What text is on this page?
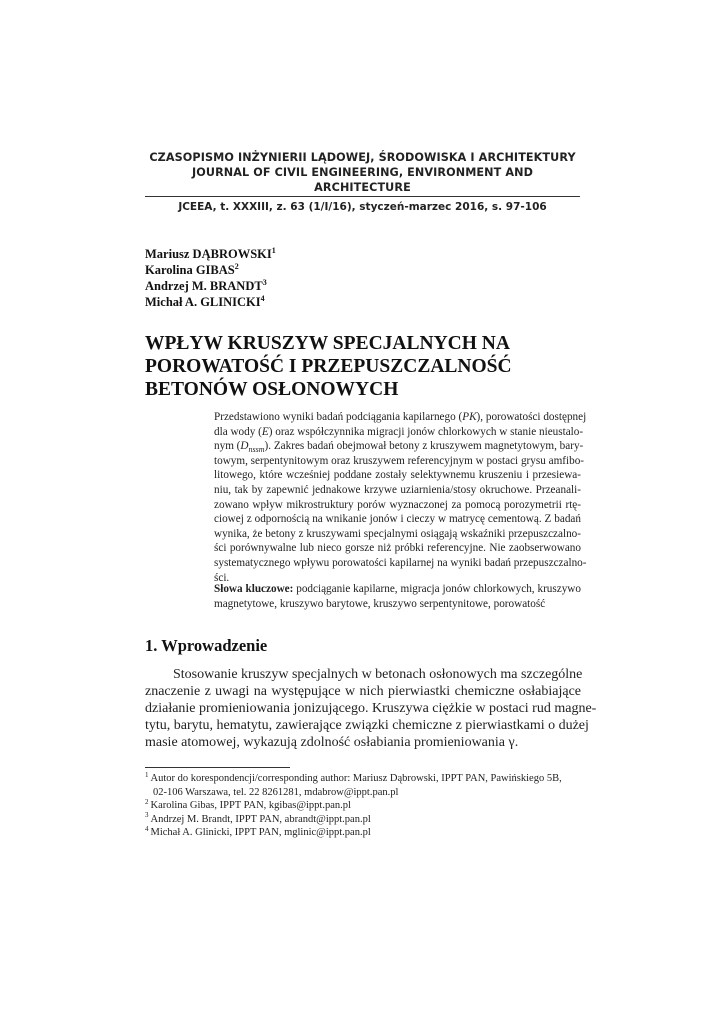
CZASOPISMO INŻYNIERII LĄDOWEJ, ŚRODOWISKA I ARCHITEKTURY
JOURNAL OF CIVIL ENGINEERING, ENVIRONMENT AND ARCHITECTURE
JCEEA, t. XXXIII, z. 63 (1/I/16), styczeń-marzec 2016, s. 97-106
Mariusz DĄBROWSKI$^1$
Karolina GIBAS$^2$
Andrzej M. BRANDT$^3$
Michał A. GLINICKI$^4$
WPŁYW KRUSZYW SPECJALNYCH NA
POROWATOŚĆ I PRZEPUSZCZALNOŚĆ
BETONÓW OSŁONOWYCH
Przedstawiono wyniki badań podciągania kapilarnego (PK), porowatości dostępnej
dla wody (E) oraz współczynnika migracji jonów chlorkowych w stanie nieustalo-
nym $(D_{nssm})$. Zakres badań obejmował betony z kruszywem magnetytowym, bary-
towym, serpentynitowym oraz kruszywem referencyjnym w postaci grysu amfibo-
litowego, które wcześniej poddane zostały selektywnemu kruszeniu i przesiewa-
niu, tak by zapewnić jednakowe krzywe uziarnienia/stosy okruchowe. Przeanali-
zowano wpływ mikrostruktury porów wyznaczonej za pomocą porozymetrii rtę-
ciowej z odpornością na wnikanie jonów i cieczy w matrycę cementową. Z badań
wynika, że betony z kruszywami specjalnymi osiągają wskaźniki przepuszczalno-
ści porównywalne lub nieco gorsze niż próbki referencyjne. Nie zaobserwowano
systematycznego wpływu porowatości kapilarnej na wyniki badań przepuszczalno-
ści.
Słowa kluczowe: podciąganie kapilarne, migracja jonów chlorkowych, kruszywo
magnetytowe, kruszywo barytowe, kruszywo serpentynitowe, porowatość
1. Wprowadzenie
Stosowanie kruszyw specjalnych w betonach osłonowych ma szczególne
znaczenie z uwagi na występujące w nich pierwiastki chemiczne osłabiające
działanie promieniowania jonizującego. Kruszywa ciężkie w postaci rud magne-
tytu, barytu, hematytu, zawierające związki chemiczne z pierwiastkami o dużej
masie atomowej, wykazują zdolność osłabiania promieniowania γ.
$^1$ Autor do korespondencji/corresponding author: Mariusz Dąbrowski, IPPT PAN, Pawińskiego 5B,
02-106 Warszawa, tel. 22 8261281, mdabrow@ippt.pan.pl
$^2$ Karolina Gibas, IPPT PAN, kgibas@ippt.pan.pl
$^3$ Andrzej M. Brandt, IPPT PAN, abrandt@ippt.pan.pl
$^4$ Michał A. Glinicki, IPPT PAN, mglinic@ippt.pan.pl
